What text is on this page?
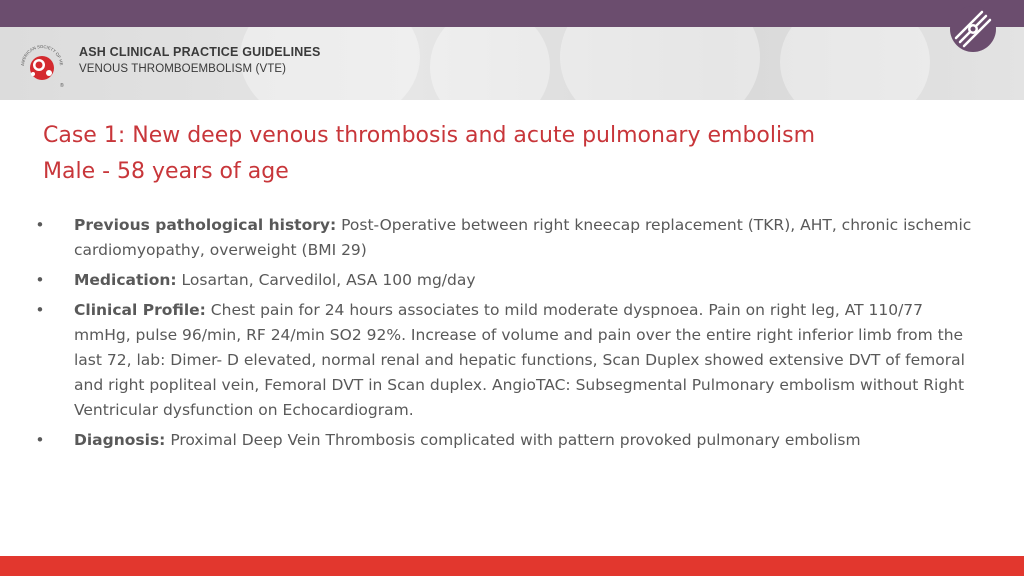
AMERICAN SOCIETY OF HE
®
ASH CLINICAL PRACTICE GUIDELINES
VENOUS THROMBOEMBOLISM (VTE)
Case 1: New deep venous thrombosis and acute pulmonary embolism
Male - 58 years of age
• Previous pathological history: Post-Operative between right kneecap replacement (TKR), AHT, chronic ischemic cardiomyopathy, overweight (BMI 29)
• Medication: Losartan, Carvedilol, ASA 100 mg/day
• Clinical Profile: Chest pain for 24 hours associates to mild moderate dyspnoea. Pain on right leg, AT 110/77 mmHg, pulse 96/min, RF 24/min SO2 92%. Increase of volume and pain over the entire right inferior limb from the last 72, lab: Dimer- D elevated, normal renal and hepatic functions, Scan Duplex showed extensive DVT of femoral and right popliteal vein, Femoral DVT in Scan duplex. AngioTAC: Subsegmental Pulmonary embolism without Right Ventricular dysfunction on Echocardiogram.
• Diagnosis: Proximal Deep Vein Thrombosis complicated with pattern provoked pulmonary embolism
